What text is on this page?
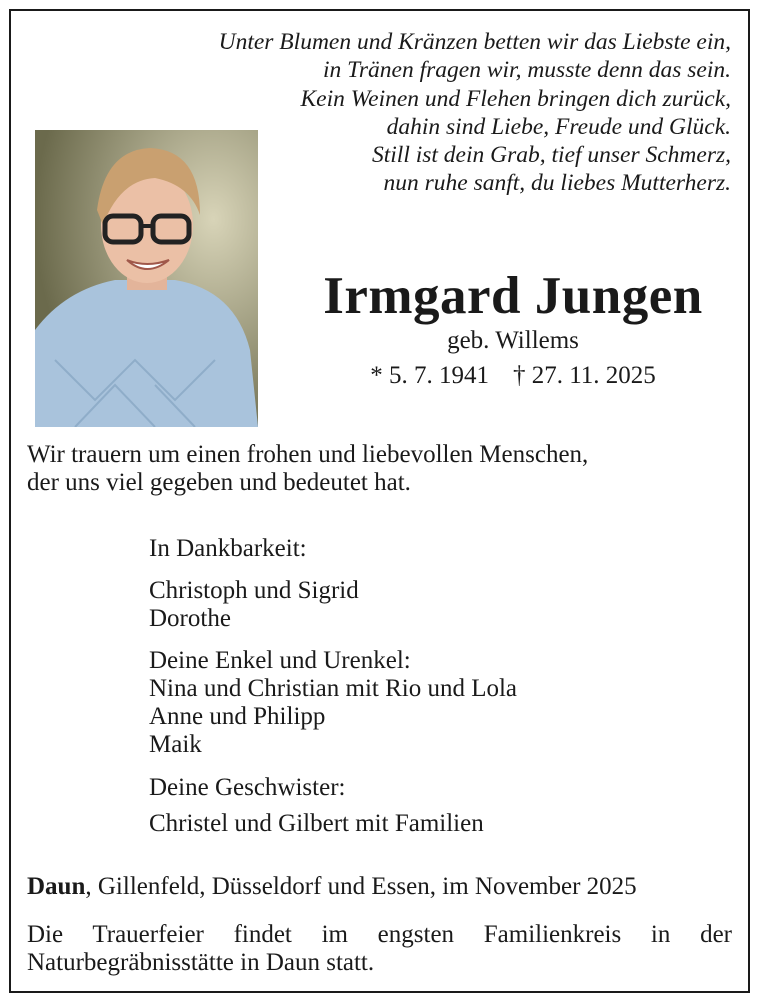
Unter Blumen und Kränzen betten wir das Liebste ein,
in Tränen fragen wir, musste denn das sein.
Kein Weinen und Flehen bringen dich zurück,
dahin sind Liebe, Freude und Glück.
Still ist dein Grab, tief unser Schmerz,
nun ruhe sanft, du liebes Mutterherz.
Irmgard Jungen
geb. Willems
* 5. 7. 1941 † 27. 11. 2025
Wir trauern um einen frohen und liebevollen Menschen,
der uns viel gegeben und bedeutet hat.
In Dankbarkeit:
Christoph und Sigrid
Dorothe
Deine Enkel und Urenkel:
Nina und Christian mit Rio und Lola
Anne und Philipp
Maik
Deine Geschwister:
Christel und Gilbert mit Familien
Daun, Gillenfeld, Düsseldorf und Essen, im November 2025
Die Trauerfeier findet im engsten Familienkreis in der Naturbegräbnisstätte in Daun statt.
